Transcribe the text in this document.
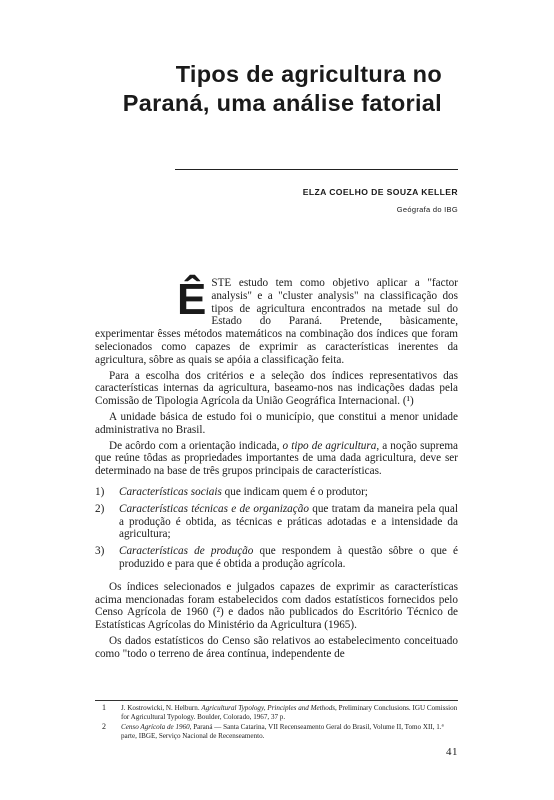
Tipos de agricultura no
Paraná, uma análise fatorial
ELZA COELHO DE SOUZA KELLER
Geógrafa do IBG

ÊSTE estudo tem como objetivo aplicar a "factor analysis" e a "cluster analysis" na classificação dos tipos de agricultura encontrados na metade sul do Estado do Paraná. Pretende, bàsicamente, experimentar êsses métodos matemáticos na combinação dos índices que foram selecionados como capazes de exprimir as características inerentes da agricultura, sôbre as quais se apóia a classificação feita.

Para a escolha dos critérios e a seleção dos índices representativos das características internas da agricultura, baseamo-nos nas indicações dadas pela Comissão de Tipologia Agrícola da União Geográfica Internacional. (¹)

A unidade básica de estudo foi o município, que constitui a menor unidade administrativa no Brasil.

De acôrdo com a orientação indicada, o tipo de agricultura, a noção suprema que reúne tôdas as propriedades importantes de uma dada agricultura, deve ser determinado na base de três grupos principais de características.

1) Características sociais que indicam quem é o produtor;
2) Características técnicas e de organização que tratam da maneira pela qual a produção é obtida, as técnicas e práticas adotadas e a intensidade da agricultura;
3) Características de produção que respondem à questão sôbre o que é produzido e para que é obtida a produção agrícola.

Os índices selecionados e julgados capazes de exprimir as características acima mencionadas foram estabelecidos com dados estatísticos fornecidos pelo Censo Agrícola de 1960 (²) e dados não publicados do Escritório Técnico de Estatísticas Agrícolas do Ministério da Agricultura (1965).

Os dados estatísticos do Censo são relativos ao estabelecimento conceituado como "todo o terreno de área contínua, independente de

1 J. Kostrowicki, N. Helburn. Agricultural Typology, Principles and Methods, Preliminary Conclusions. IGU Comission for Agricultural Typology. Boulder, Colorado, 1967, 37 p.
2 Censo Agrícola de 1960, Paraná — Santa Catarina, VII Recenseamento Geral do Brasil, Volume II, Tomo XII, 1.ª parte, IBGE, Serviço Nacional de Recenseamento.
41
